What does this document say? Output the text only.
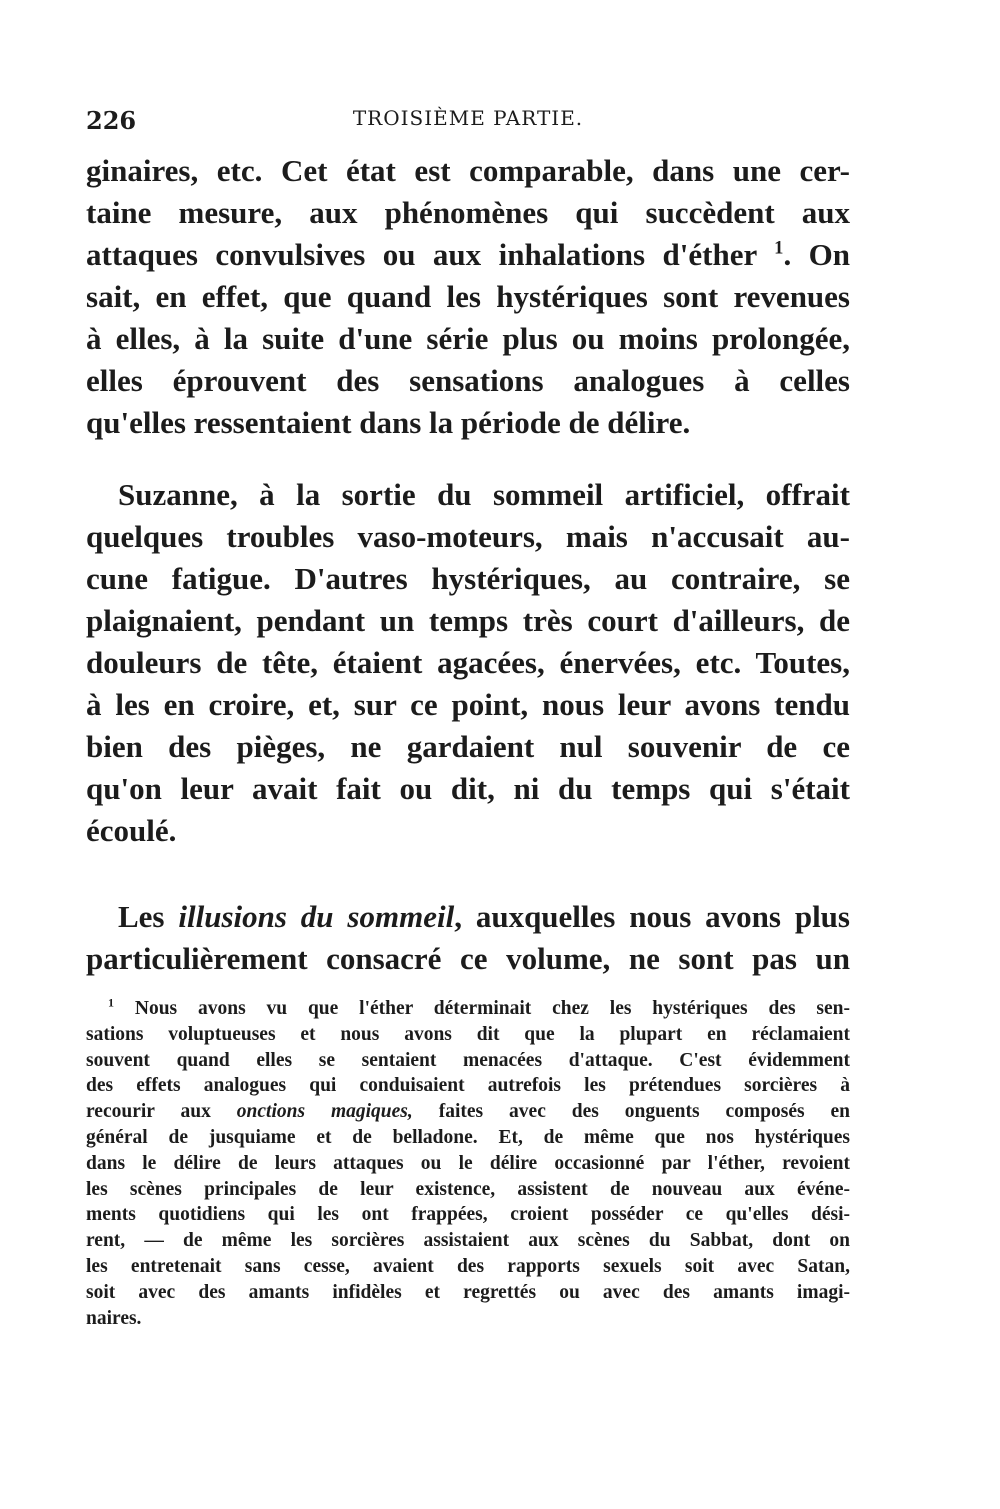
226	TROISIÈME PARTIE.
ginaires, etc. Cet état est comparable, dans une cer-
taine mesure, aux phénomènes qui succèdent aux
attaques convulsives ou aux inhalations d'éther $^1$. On
sait, en effet, que quand les hystériques sont revenues
à elles, à la suite d'une série plus ou moins prolongée,
elles éprouvent des sensations analogues à celles
qu'elles ressentaient dans la période de délire.
Suzanne, à la sortie du sommeil artificiel, offrait
quelques troubles vaso-moteurs, mais n'accusait au-
cune fatigue. D'autres hystériques, au contraire, se
plaignaient, pendant un temps très court d'ailleurs, de
douleurs de tête, étaient agacées, énervées, etc. Toutes,
à les en croire, et, sur ce point, nous leur avons tendu
bien des pièges, ne gardaient nul souvenir de ce
qu'on leur avait fait ou dit, ni du temps qui s'était
écoulé.
Les illusions du sommeil, auxquelles nous avons plus
particulièrement consacré ce volume, ne sont pas un
$^1$ Nous avons vu que l'éther déterminait chez les hystériques des sen-
sations voluptueuses et nous avons dit que la plupart en réclamaient
souvent quand elles se sentaient menacées d'attaque. C'est évidemment
des effets analogues qui conduisaient autrefois les prétendues sorcières à
recourir aux onctions magiques, faites avec des onguents composés en
général de jusquiame et de belladone. Et, de même que nos hystériques
dans le délire de leurs attaques ou le délire occasionné par l'éther, revoient
les scènes principales de leur existence, assistent de nouveau aux événe-
ments quotidiens qui les ont frappées, croient posséder ce qu'elles dési-
rent, — de même les sorcières assistaient aux scènes du Sabbat, dont on
les entretenait sans cesse, avaient des rapports sexuels soit avec Satan,
soit avec des amants infidèles et regrettés ou avec des amants imagi-
naires.
